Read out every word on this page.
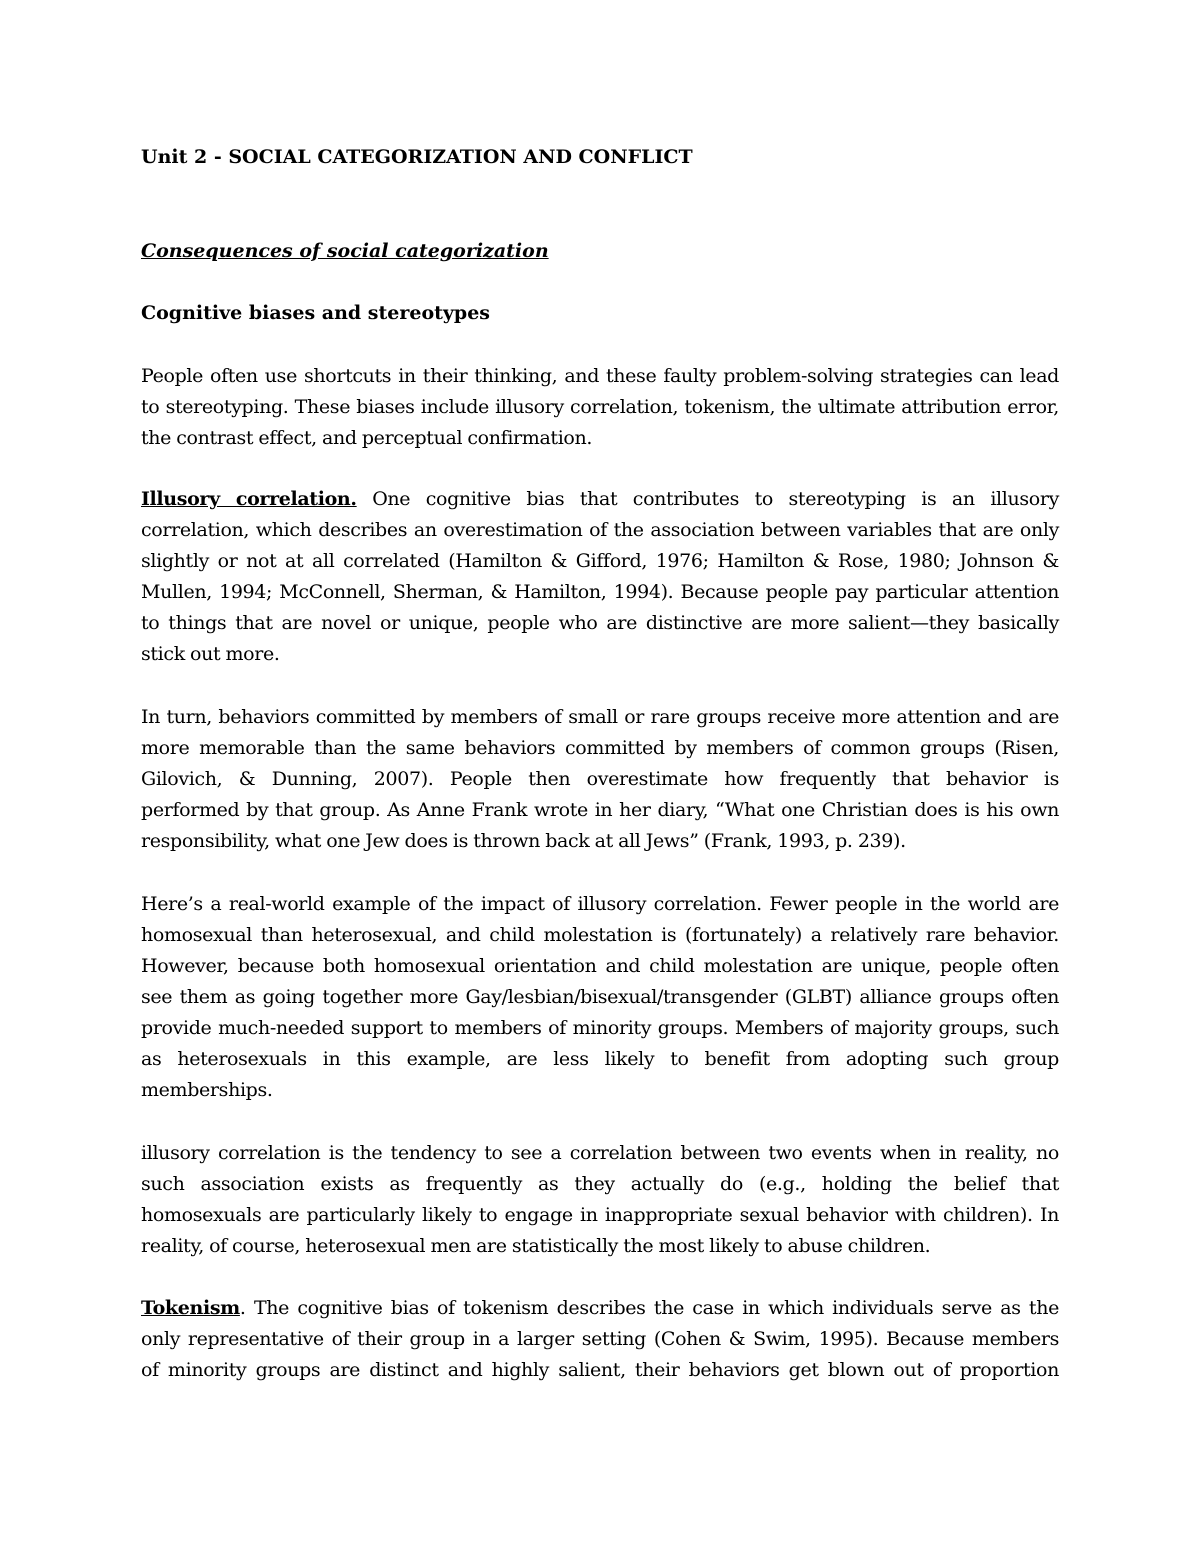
Unit 2 - SOCIAL CATEGORIZATION AND CONFLICT
Consequences of social categorization
Cognitive biases and stereotypes

People often use shortcuts in their thinking, and these faulty problem-solving strategies can lead
to stereotyping. These biases include illusory correlation, tokenism, the ultimate attribution error,
the contrast effect, and perceptual confirmation.

Illusory correlation. One cognitive bias that contributes to stereotyping is an illusory
correlation, which describes an overestimation of the association between variables that are only
slightly or not at all correlated (Hamilton & Gifford, 1976; Hamilton & Rose, 1980; Johnson &
Mullen, 1994; McConnell, Sherman, & Hamilton, 1994). Because people pay particular attention
to things that are novel or unique, people who are distinctive are more salient—they basically
stick out more.

In turn, behaviors committed by members of small or rare groups receive more attention and are
more memorable than the same behaviors committed by members of common groups (Risen,
Gilovich, & Dunning, 2007). People then overestimate how frequently that behavior is
performed by that group. As Anne Frank wrote in her diary, “What one Christian does is his own
responsibility, what one Jew does is thrown back at all Jews” (Frank, 1993, p. 239).

Here’s a real-world example of the impact of illusory correlation. Fewer people in the world are
homosexual than heterosexual, and child molestation is (fortunately) a relatively rare behavior.
However, because both homosexual orientation and child molestation are unique, people often
see them as going together more Gay/lesbian/bisexual/transgender (GLBT) alliance groups often
provide much-needed support to members of minority groups. Members of majority groups, such
as heterosexuals in this example, are less likely to benefit from adopting such group
memberships.

illusory correlation is the tendency to see a correlation between two events when in reality, no
such association exists as frequently as they actually do (e.g., holding the belief that
homosexuals are particularly likely to engage in inappropriate sexual behavior with children). In
reality, of course, heterosexual men are statistically the most likely to abuse children.

Tokenism. The cognitive bias of tokenism describes the case in which individuals serve as the
only representative of their group in a larger setting (Cohen & Swim, 1995). Because members
of minority groups are distinct and highly salient, their behaviors get blown out of proportion
